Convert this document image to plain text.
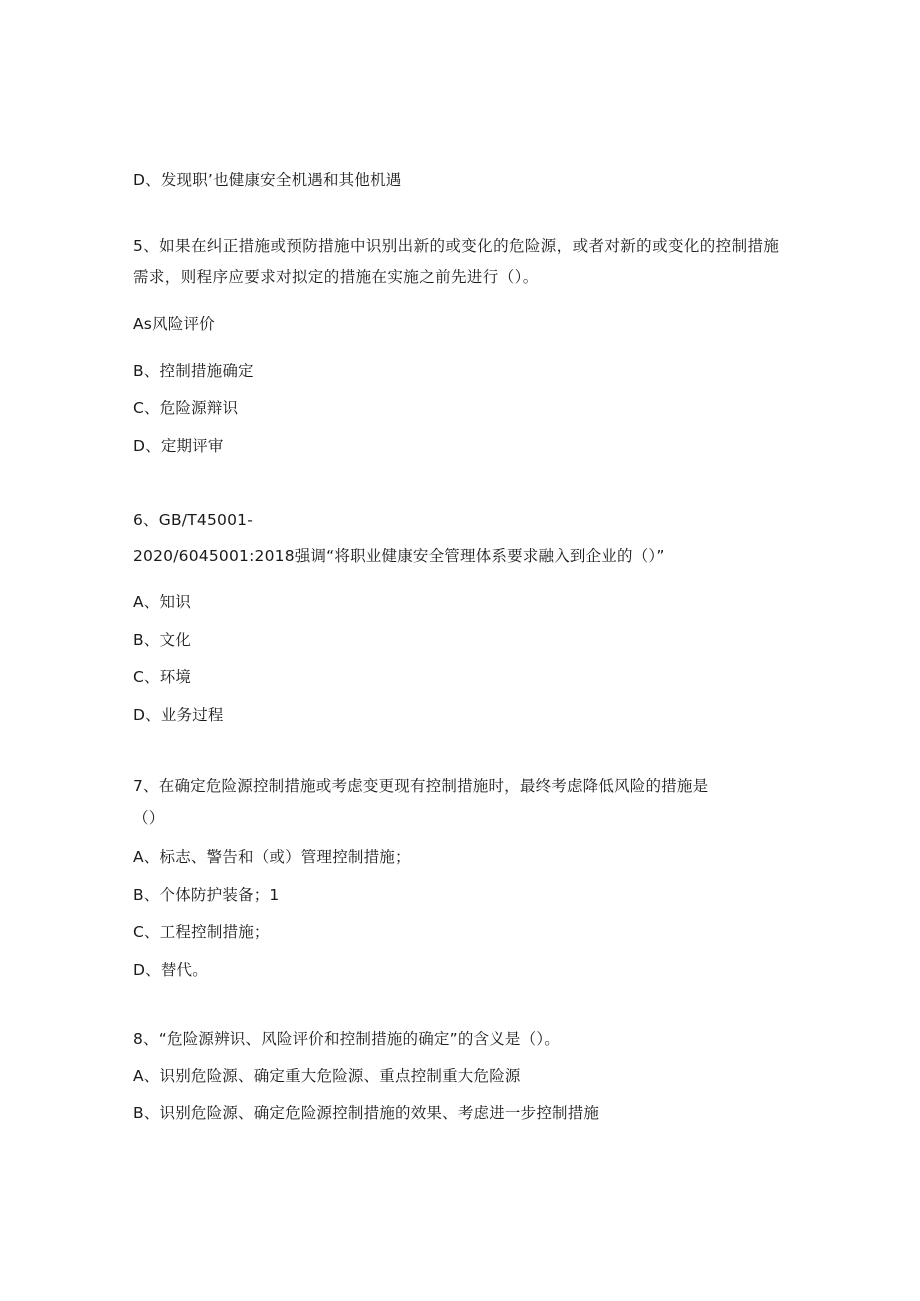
D、发现职’也健康安全机遇和其他机遇
5、如果在纠正措施或预防措施中识别出新的或变化的危险源，或者对新的或变化的控制措施需求，则程序应要求对拟定的措施在实施之前先进行（）。
As风险评价
B、控制措施确定
C、危险源辩识
D、定期评审
6、GB/T45001-
2020/6045001:2018强调“将职业健康安全管理体系要求融入到企业的（）”
A、知识
B、文化
C、环境
D、业务过程
7、在确定危险源控制措施或考虑变更现有控制措施时，最终考虑降低风险的措施是
（）
A、标志、警告和（或）管理控制措施；
B、个体防护装备；1
C、工程控制措施；
D、替代。
8、“危险源辨识、风险评价和控制措施的确定”的含义是（）。
A、识别危险源、确定重大危险源、重点控制重大危险源
B、识别危险源、确定危险源控制措施的效果、考虑进一步控制措施
